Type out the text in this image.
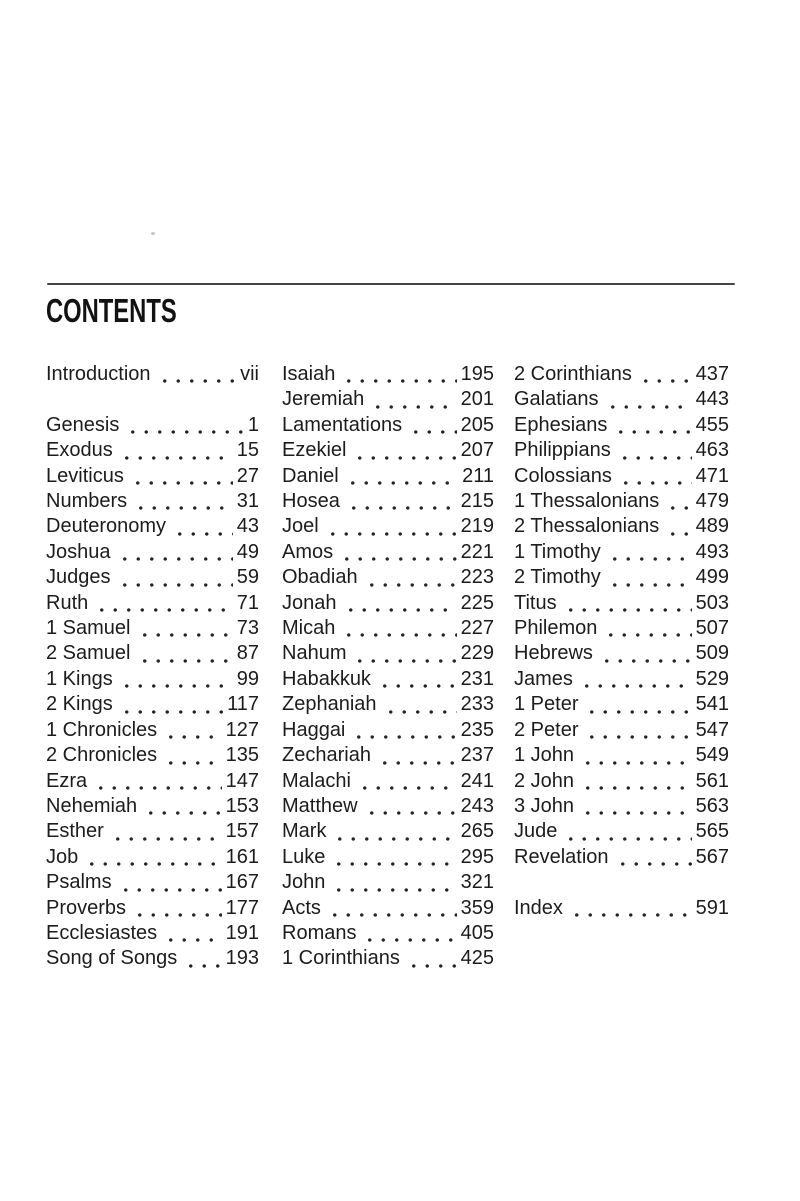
CONTENTS
Introduction	vii
Genesis	1
Exodus	15
Leviticus	27
Numbers	31
Deuteronomy	43
Joshua	49
Judges	59
Ruth	71
1 Samuel	73
2 Samuel	87
1 Kings	99
2 Kings	117
1 Chronicles	127
2 Chronicles	135
Ezra	147
Nehemiah	153
Esther	157
Job	161
Psalms	167
Proverbs	177
Ecclesiastes	191
Song of Songs 193
Isaiah	195
Jeremiah	201
Lamentations	205
Ezekiel	207
Daniel	211
Hosea	215
Joel	219
Amos	221
Obadiah	223
Jonah	225
Micah	227
Nahum	229
Habakkuk	231
Zephaniah	233
Haggai	235
Zechariah	237
Malachi	241
Matthew	243
Mark	265
Luke	295
John	321
Acts	359
Romans	405
1 Corinthians	425
2 Corinthians	437
Galatians	443
Ephesians	455
Philippians	463
Colossians	471
1 Thessalonians 479
2 Thessalonians 489
1 Timothy	493
2 Timothy	499
Titus	503
Philemon	507
Hebrews	509
James	529
1 Peter	541
2 Peter	547
1 John	549
2 John	561
3 John	563
Jude	565
Revelation	567
Index	591
